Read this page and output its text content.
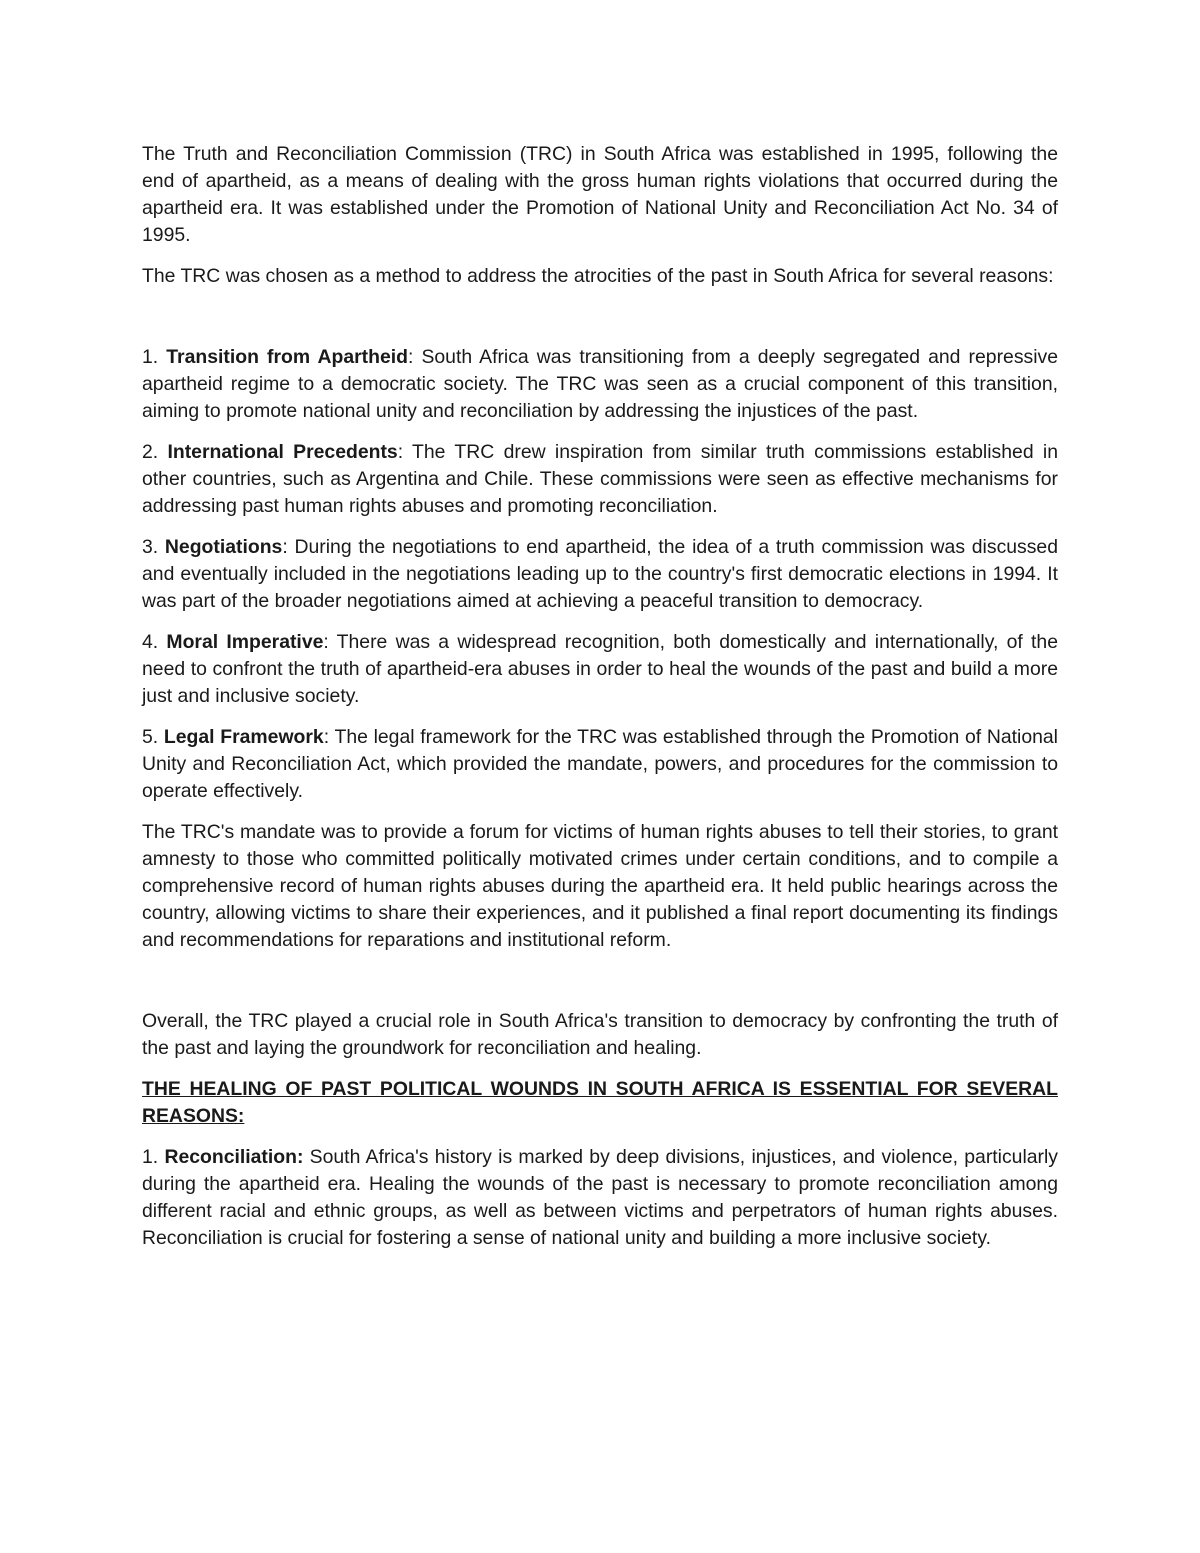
The Truth and Reconciliation Commission (TRC) in South Africa was established in 1995, following the end of apartheid, as a means of dealing with the gross human rights violations that occurred during the apartheid era. It was established under the Promotion of National Unity and Reconciliation Act No. 34 of 1995.

The TRC was chosen as a method to address the atrocities of the past in South Africa for several reasons:

1. Transition from Apartheid: South Africa was transitioning from a deeply segregated and repressive apartheid regime to a democratic society. The TRC was seen as a crucial component of this transition, aiming to promote national unity and reconciliation by addressing the injustices of the past.

2. International Precedents: The TRC drew inspiration from similar truth commissions established in other countries, such as Argentina and Chile. These commissions were seen as effective mechanisms for addressing past human rights abuses and promoting reconciliation.

3. Negotiations: During the negotiations to end apartheid, the idea of a truth commission was discussed and eventually included in the negotiations leading up to the country's first democratic elections in 1994. It was part of the broader negotiations aimed at achieving a peaceful transition to democracy.

4. Moral Imperative: There was a widespread recognition, both domestically and internationally, of the need to confront the truth of apartheid-era abuses in order to heal the wounds of the past and build a more just and inclusive society.

5. Legal Framework: The legal framework for the TRC was established through the Promotion of National Unity and Reconciliation Act, which provided the mandate, powers, and procedures for the commission to operate effectively.

The TRC's mandate was to provide a forum for victims of human rights abuses to tell their stories, to grant amnesty to those who committed politically motivated crimes under certain conditions, and to compile a comprehensive record of human rights abuses during the apartheid era. It held public hearings across the country, allowing victims to share their experiences, and it published a final report documenting its findings and recommendations for reparations and institutional reform.

Overall, the TRC played a crucial role in South Africa's transition to democracy by confronting the truth of the past and laying the groundwork for reconciliation and healing.

THE HEALING OF PAST POLITICAL WOUNDS IN SOUTH AFRICA IS ESSENTIAL FOR SEVERAL REASONS:

1. Reconciliation: South Africa's history is marked by deep divisions, injustices, and violence, particularly during the apartheid era. Healing the wounds of the past is necessary to promote reconciliation among different racial and ethnic groups, as well as between victims and perpetrators of human rights abuses. Reconciliation is crucial for fostering a sense of national unity and building a more inclusive society.
